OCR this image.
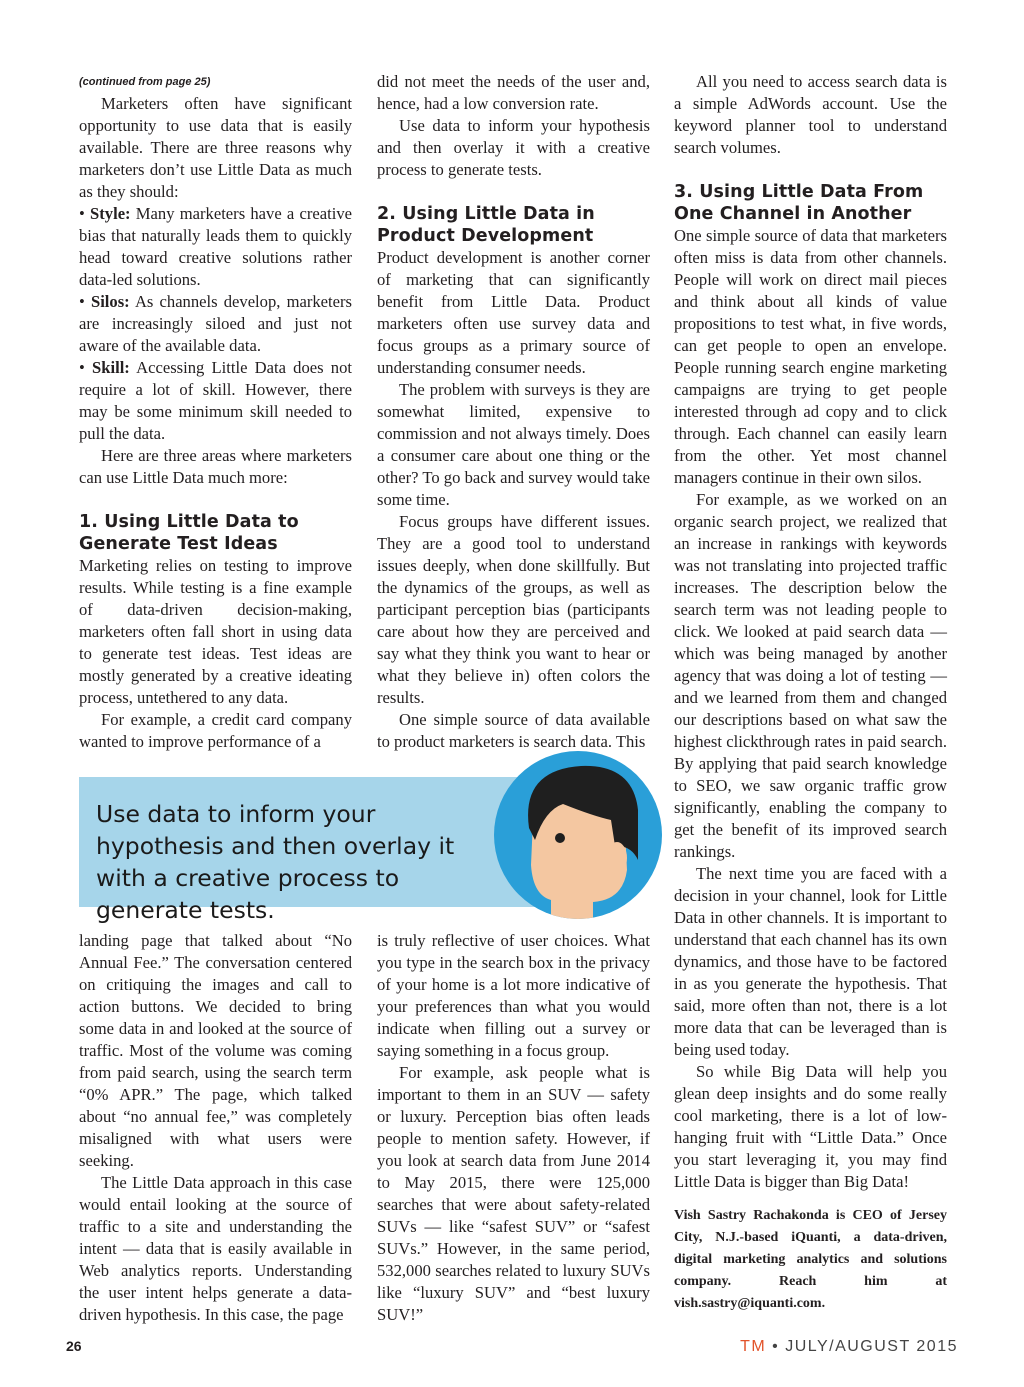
(continued from page 25)

Marketers often have significant opportunity to use data that is easily available. There are three reasons why marketers don’t use Little Data as much as they should:

• Style: Many marketers have a creative bias that naturally leads them to quickly head toward creative solutions rather data-led solutions.

• Silos: As channels develop, marketers are increasingly siloed and just not aware of the available data.

• Skill: Accessing Little Data does not require a lot of skill. However, there may be some minimum skill needed to pull the data.

Here are three areas where marketers can use Little Data much more:

1. Using Little Data to Generate Test Ideas

Marketing relies on testing to improve results. While testing is a fine example of data-driven decision-making, marketers often fall short in using data to generate test ideas. Test ideas are mostly generated by a creative ideating process, untethered to any data.

For example, a credit card company wanted to improve performance of a

did not meet the needs of the user and, hence, had a low conversion rate.

Use data to inform your hypothesis and then overlay it with a creative process to generate tests.

2. Using Little Data in Product Development

Product development is another corner of marketing that can significantly benefit from Little Data. Product marketers often use survey data and focus groups as a primary source of understanding consumer needs.

The problem with surveys is they are somewhat limited, expensive to commission and not always timely. Does a consumer care about one thing or the other? To go back and survey would take some time.

Focus groups have different issues. They are a good tool to understand issues deeply, when done skillfully. But the dynamics of the groups, as well as participant perception bias (participants care about how they are perceived and say what they think you want to hear or what they believe in) often colors the results.

One simple source of data available to product marketers is search data. This

All you need to access search data is a simple AdWords account. Use the keyword planner tool to understand search volumes.

3. Using Little Data From One Channel in Another

One simple source of data that marketers often miss is data from other channels. People will work on direct mail pieces and think about all kinds of value propositions to test what, in five words, can get people to open an envelope. People running search engine marketing campaigns are trying to get people interested through ad copy and to click through. Each channel can easily learn from the other. Yet most channel managers continue in their own silos.

For example, as we worked on an organic search project, we realized that an increase in rankings with keywords was not translating into projected traffic increases. The description below the search term was not leading people to click. We looked at paid search data — which was being managed by another agency that was doing a lot of testing — and we learned from them and changed our descriptions based on what saw the highest clickthrough rates in paid search. By applying that paid search knowledge to SEO, we saw organic traffic grow significantly, enabling the company to get the benefit of its improved search rankings.

The next time you are faced with a decision in your channel, look for Little Data in other channels. It is important to understand that each channel has its own dynamics, and those have to be factored in as you generate the hypothesis. That said, more often than not, there is a lot more data that can be leveraged than is being used today.

So while Big Data will help you glean deep insights and do some really cool marketing, there is a lot of low-hanging fruit with “Little Data.” Once you start leveraging it, you may find Little Data is bigger than Big Data!

Vish Sastry Rachakonda is CEO of Jersey City, N.J.-based iQuanti, a data-driven, digital marketing analytics and solutions company. Reach him at vish.sastry@iquanti.com.

Use data to inform your hypothesis and then overlay it with a creative process to generate tests.

landing page that talked about “No Annual Fee.” The conversation centered on critiquing the images and call to action buttons. We decided to bring some data in and looked at the source of traffic. Most of the volume was coming from paid search, using the search term “0% APR.” The page, which talked about “no annual fee,” was completely misaligned with what users were seeking.

The Little Data approach in this case would entail looking at the source of traffic to a site and understanding the intent — data that is easily available in Web analytics reports. Understanding the user intent helps generate a data-driven hypothesis. In this case, the page

is truly reflective of user choices. What you type in the search box in the privacy of your home is a lot more indicative of your preferences than what you would indicate when filling out a survey or saying something in a focus group.

For example, ask people what is important to them in an SUV — safety or luxury. Perception bias often leads people to mention safety. However, if you look at search data from June 2014 to May 2015, there were 125,000 searches that were about safety-related SUVs — like “safest SUV” or “safest SUVs.” However, in the same period, 532,000 searches related to luxury SUVs like “luxury SUV” and “best luxury SUV!”

26	TM • JULY/AUGUST 2015
